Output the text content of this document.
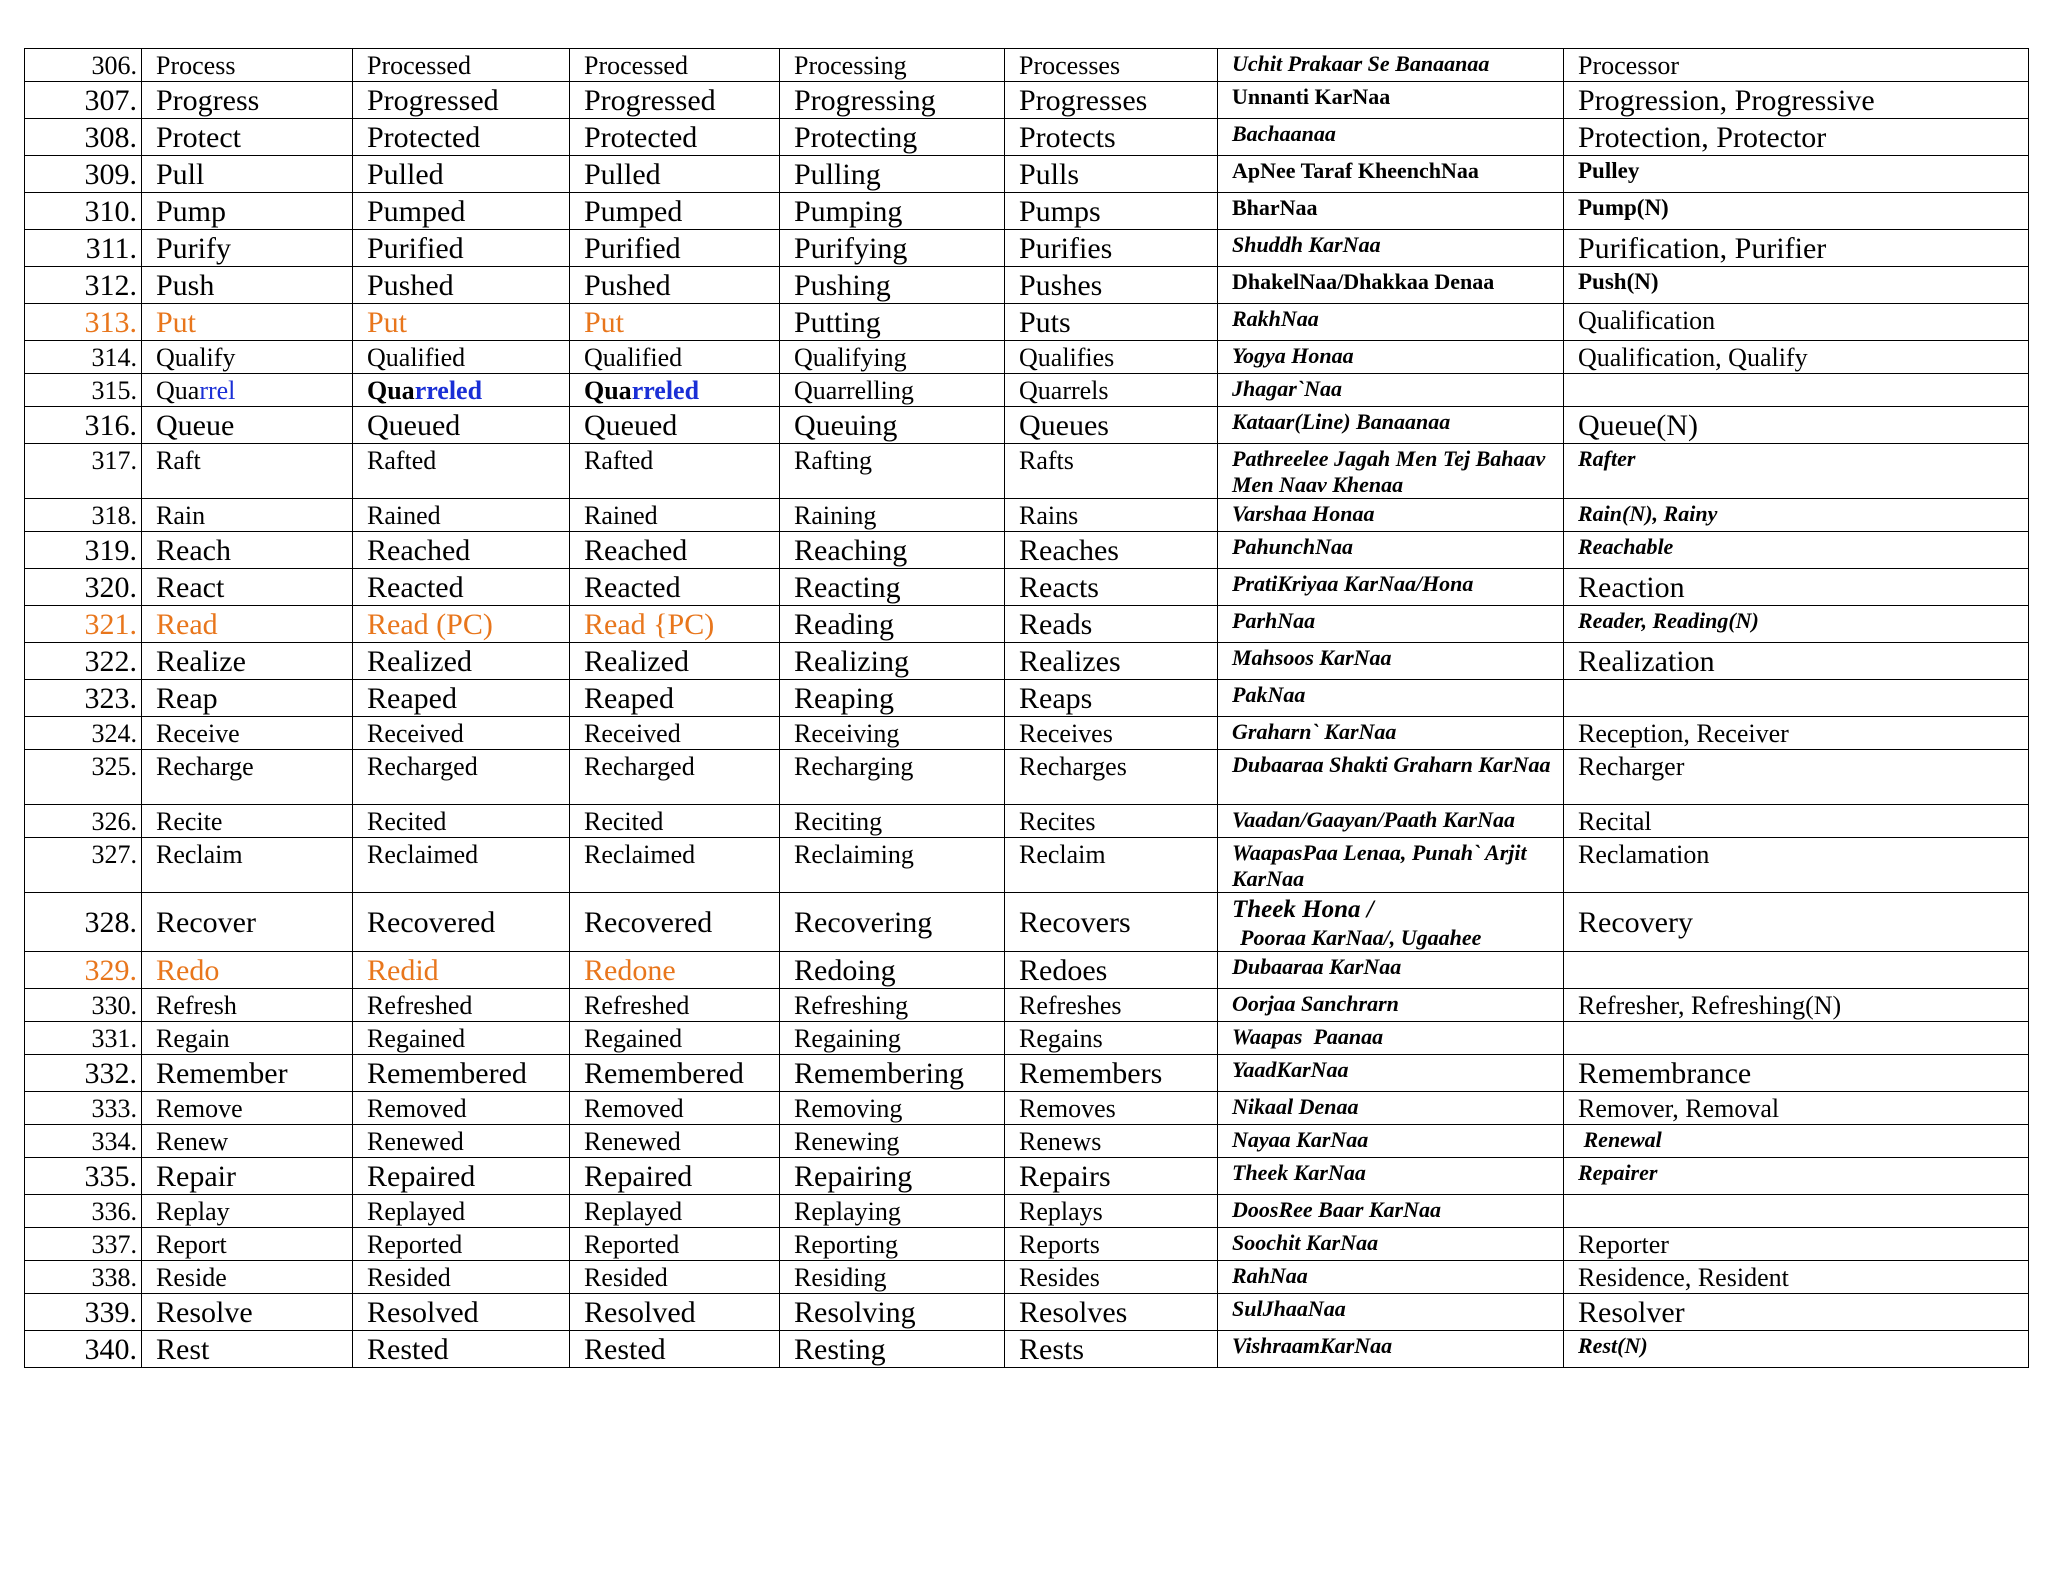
306.	Process	Processed	Processed	Processing	Processes	Uchit Prakaar Se Banaanaa	Processor
307.	Progress	Progressed	Progressed	Progressing	Progresses	Unnanti KarNaa	Progression, Progressive
308.	Protect	Protected	Protected	Protecting	Protects	Bachaanaa	Protection, Protector
309.	Pull	Pulled	Pulled	Pulling	Pulls	ApNee Taraf KheenchNaa	Pulley
310.	Pump	Pumped	Pumped	Pumping	Pumps	BharNaa	Pump(N)
311.	Purify	Purified	Purified	Purifying	Purifies	Shuddh KarNaa	Purification, Purifier
312.	Push	Pushed	Pushed	Pushing	Pushes	DhakelNaa/Dhakkaa Denaa	Push(N)
313.	Put	Put	Put	Putting	Puts	RakhNaa	Qualification
314.	Qualify	Qualified	Qualified	Qualifying	Qualifies	Yogya Honaa	Qualification, Qualify
315.	Quarrel	Quarreled	Quarreled	Quarrelling	Quarrels	Jhagar`Naa	
316.	Queue	Queued	Queued	Queuing	Queues	Kataar(Line) Banaanaa	Queue(N)
317.	Raft	Rafted	Rafted	Rafting	Rafts	Pathreelee Jagah Men Tej Bahaav Men Naav Khenaa	Rafter
318.	Rain	Rained	Rained	Raining	Rains	Varshaa Honaa	Rain(N), Rainy
319.	Reach	Reached	Reached	Reaching	Reaches	PahunchNaa	Reachable
320.	React	Reacted	Reacted	Reacting	Reacts	PratiKriyaa KarNaa/Hona	Reaction
321.	Read	Read (PC)	Read {PC)	Reading	Reads	ParhNaa	Reader, Reading(N)
322.	Realize	Realized	Realized	Realizing	Realizes	Mahsoos KarNaa	Realization
323.	Reap	Reaped	Reaped	Reaping	Reaps	PakNaa	
324.	Receive	Received	Received	Receiving	Receives	Graharn` KarNaa	Reception, Receiver
325.	Recharge	Recharged	Recharged	Recharging	Recharges	Dubaaraa Shakti Graharn KarNaa	Recharger
326.	Recite	Recited	Recited	Reciting	Recites	Vaadan/Gaayan/Paath KarNaa	Recital
327.	Reclaim	Reclaimed	Reclaimed	Reclaiming	Reclaim	WaapasPaa Lenaa, Punah` Arjit KarNaa	Reclamation
328.	Recover	Recovered	Recovered	Recovering	Recovers	Theek Hona /
Pooraa KarNaa/, Ugaahee	Recovery
329.	Redo	Redid	Redone	Redoing	Redoes	Dubaaraa KarNaa	
330.	Refresh	Refreshed	Refreshed	Refreshing	Refreshes	Oorjaa Sanchrarn	Refresher, Refreshing(N)
331.	Regain	Regained	Regained	Regaining	Regains	Waapas  Paanaa	
332.	Remember	Remembered	Remembered	Remembering	Remembers	YaadKarNaa	Remembrance
333.	Remove	Removed	Removed	Removing	Removes	Nikaal Denaa	Remover, Removal
334.	Renew	Renewed	Renewed	Renewing	Renews	Nayaa KarNaa	Renewal
335.	Repair	Repaired	Repaired	Repairing	Repairs	Theek KarNaa	Repairer
336.	Replay	Replayed	Replayed	Replaying	Replays	DoosRee Baar KarNaa	
337.	Report	Reported	Reported	Reporting	Reports	Soochit KarNaa	Reporter
338.	Reside	Resided	Resided	Residing	Resides	RahNaa	Residence, Resident
339.	Resolve	Resolved	Resolved	Resolving	Resolves	SulJhaaNaa	Resolver
340.	Rest	Rested	Rested	Resting	Rests	VishraamKarNaa	Rest(N)
